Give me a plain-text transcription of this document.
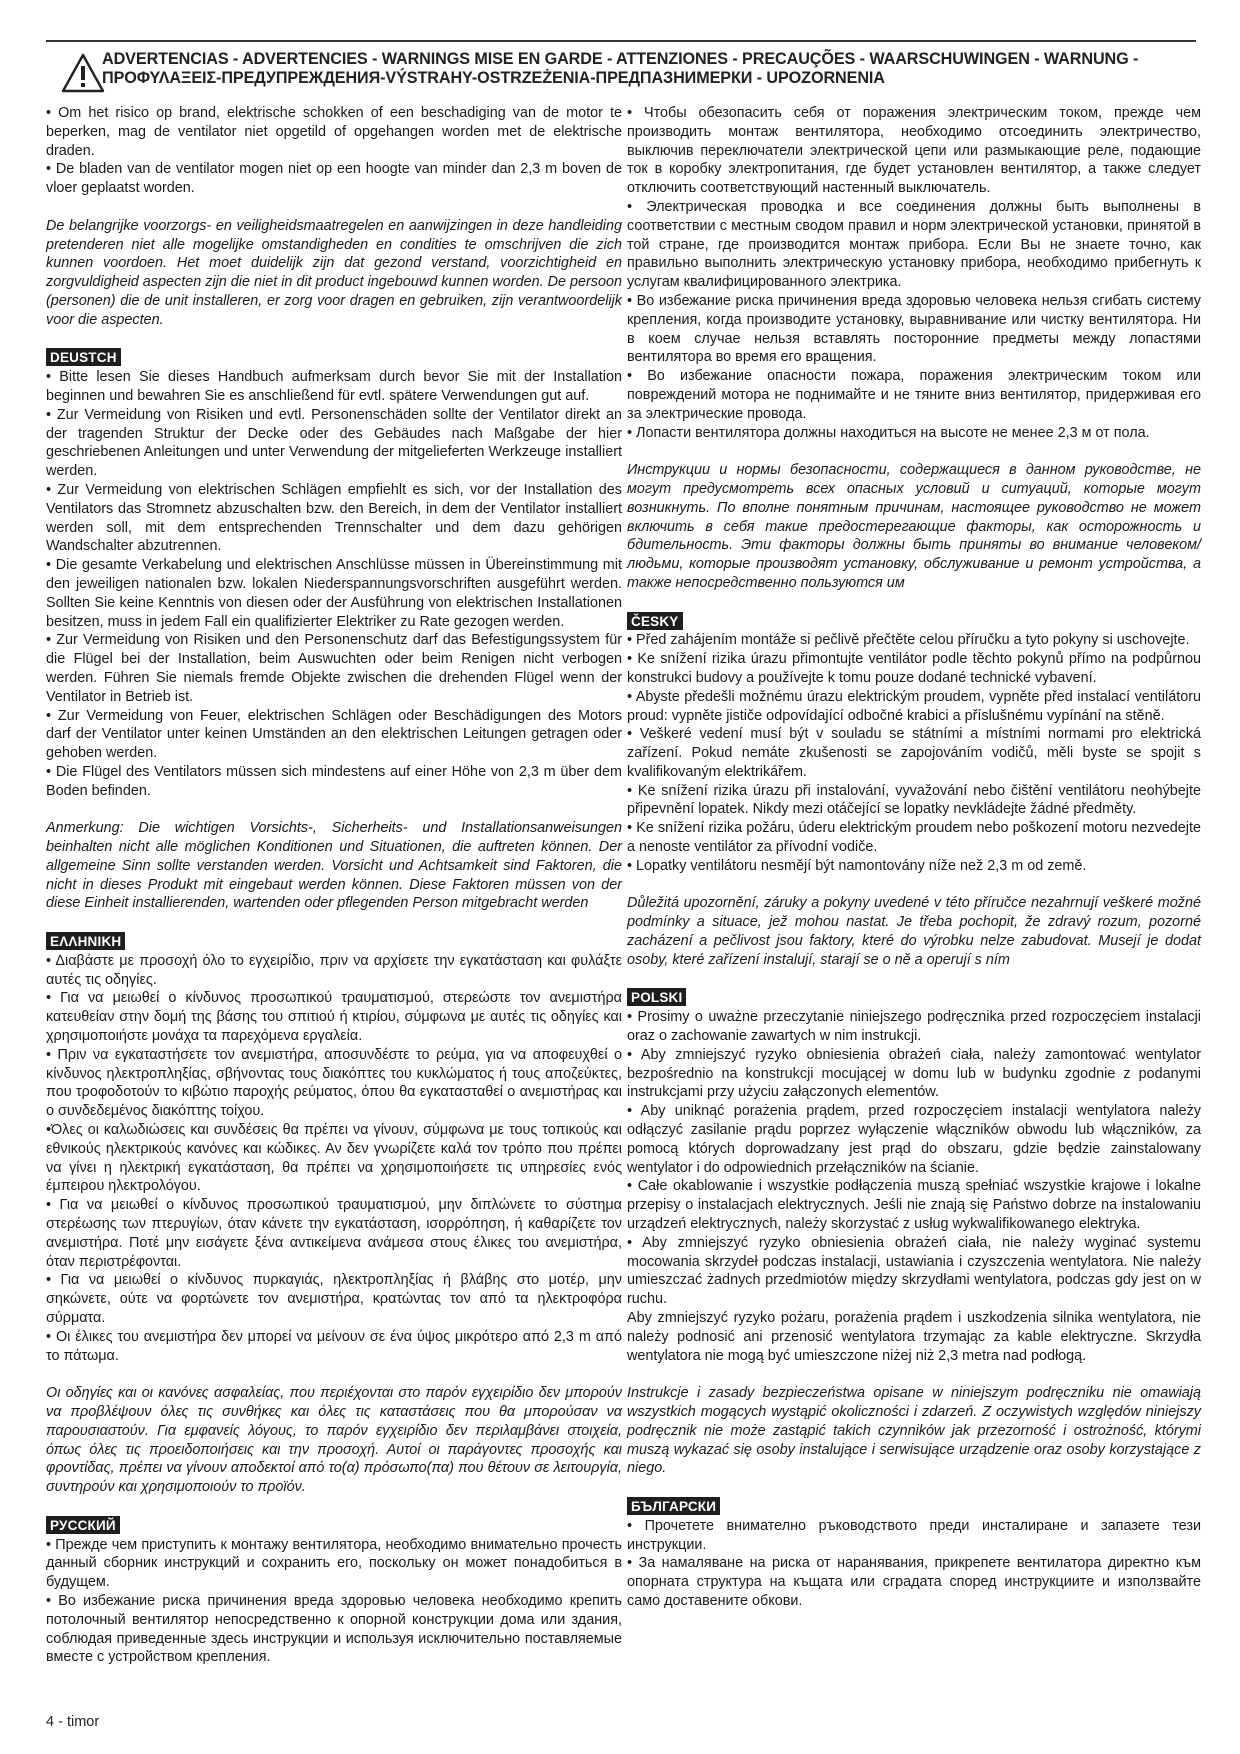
ADVERTENCIAS - ADVERTENCIES - WARNINGS MISE EN GARDE - ATTENZIONES - PRECAUÇÕES - WAARSCHUWINGEN - WARNUNG - ΠΡΟΦΥΛΑΞΕΙΣ-ПРЕДУПРЕЖДЕНИЯ-VÝSTRAHY-OSTRZEŻENIA-ПРЕДПАЗНИМЕРКИ - UPOZORNENIA

• Om het risico op brand, elektrische schokken of een beschadiging van de motor te beperken, mag de ventilator niet opgetild of opgehangen worden met de elektrische draden.

• De bladen van de ventilator mogen niet op een hoogte van minder dan 2,3 m boven de vloer geplaatst worden.

De belangrijke voorzorgs- en veiligheidsmaatregelen en aanwijzingen in deze handleiding pretenderen niet alle mogelijke omstandigheden en condities te omschrijven die zich kunnen voordoen. Het moet duidelijk zijn dat gezond verstand, voorzichtigheid en zorgvuldigheid aspecten zijn die niet in dit product ingebouwd kunnen worden. De persoon (personen) die de unit installeren, er zorg voor dragen en gebruiken, zijn verantwoordelijk voor die aspecten.

DEUSTCH

• Bitte lesen Sie dieses Handbuch aufmerksam durch bevor Sie mit der Installation beginnen und bewahren Sie es anschließend für evtl. spätere Verwendungen gut auf.

• Zur Vermeidung von Risiken und evtl. Personenschäden sollte der Ventilator direkt an der tragenden Struktur der Decke oder des Gebäudes nach Maßgabe der hier geschriebenen Anleitungen und unter Verwendung der mitgelieferten Werkzeuge installiert werden.

• Zur Vermeidung von elektrischen Schlägen empfiehlt es sich, vor der Installation des Ventilators das Stromnetz abzuschalten bzw. den Bereich, in dem der Ventilator installiert werden soll, mit dem entsprechenden Trennschalter und dem dazu gehörigen Wandschalter abzutrennen.

• Die gesamte Verkabelung und elektrischen Anschlüsse müssen in Übereinstimmung mit den jeweiligen nationalen bzw. lokalen Niederspannungsvorschriften ausgeführt werden. Sollten Sie keine Kenntnis von diesen oder der Ausführung von elektrischen Installationen besitzen, muss in jedem Fall ein qualifizierter Elektriker zu Rate gezogen werden.

• Zur Vermeidung von Risiken und den Personenschutz darf das Befestigungssystem für die Flügel bei der Installation, beim Auswuchten oder beim Renigen nicht verbogen werden. Führen Sie niemals fremde Objekte zwischen die drehenden Flügel wenn der Ventilator in Betrieb ist.

• Zur Vermeidung von Feuer, elektrischen Schlägen oder Beschädigungen des Motors darf der Ventilator unter keinen Umständen an den elektrischen Leitungen getragen oder gehoben werden.

• Die Flügel des Ventilators müssen sich mindestens auf einer Höhe von 2,3 m über dem Boden befinden.

Anmerkung: Die wichtigen Vorsichts-, Sicherheits- und Installationsanweisungen beinhalten nicht alle möglichen Konditionen und Situationen, die auftreten können. Der allgemeine Sinn sollte verstanden werden. Vorsicht und Achtsamkeit sind Faktoren, die nicht in dieses Produkt mit eingebaut werden können. Diese Faktoren müssen von der diese Einheit installierenden, wartenden oder pflegenden Person mitgebracht werden

ΕΛΛΗΝΙΚΗ

• Διαβάστε με προσοχή όλο το εγχειρίδιο, πριν να αρχίσετε την εγκατάσταση και φυλάξτε αυτές τις οδηγίες.

• Για να μειωθεί ο κίνδυνος προσωπικού τραυματισμού, στερεώστε τον ανεμιστήρα κατευθείαν στην δομή της βάσης του σπιτιού ή κτιρίου, σύμφωνα με αυτές τις οδηγίες και χρησιμοποιήστε μονάχα τα παρεχόμενα εργαλεία.

• Πριν να εγκαταστήσετε τον ανεμιστήρα, αποσυνδέστε το ρεύμα, για να αποφευχθεί ο κίνδυνος ηλεκτροπληξίας, σβήνοντας τους διακόπτες του κυκλώματος ή τους αποζεύκτες, που τροφοδοτούν το κιβώτιο παροχής ρεύματος, όπου θα εγκατασταθεί ο ανεμιστήρας και ο συνδεδεμένος διακόπτης τοίχου.

•Όλες οι καλωδιώσεις και συνδέσεις θα πρέπει να γίνουν, σύμφωνα με τους τοπικούς και εθνικούς ηλεκτρικούς κανόνες και κώδικες. Αν δεν γνωρίζετε καλά τον τρόπο που πρέπει να γίνει η ηλεκτρική εγκατάσταση, θα πρέπει να χρησιμοποιήσετε τις υπηρεσίες ενός έμπειρου ηλεκτρολόγου.

• Για να μειωθεί ο κίνδυνος προσωπικού τραυματισμού, μην διπλώνετε το σύστημα στερέωσης των πτερυγίων, όταν κάνετε την εγκατάσταση, ισορρόπηση, ή καθαρίζετε τον ανεμιστήρα. Ποτέ μην εισάγετε ξένα αντικείμενα ανάμεσα στους έλικες του ανεμιστήρα, όταν περιστρέφονται.

• Για να μειωθεί ο κίνδυνος πυρκαγιάς, ηλεκτροπληξίας ή βλάβης στο μοτέρ, μην σηκώνετε, ούτε να φορτώνετε τον ανεμιστήρα, κρατώντας τον από τα ηλεκτροφόρα σύρματα.

• Οι έλικες του ανεμιστήρα δεν μπορεί να μείνουν σε ένα ύψος μικρότερο από 2,3 m από το πάτωμα.

Οι οδηγίες και οι κανόνες ασφαλείας, που περιέχονται στο παρόν εγχειρίδιο δεν μπορούν να προβλέψουν όλες τις συνθήκες και όλες τις καταστάσεις που θα μπορούσαν να παρουσιαστούν. Για εμφανείς λόγους, το παρόν εγχειρίδιο δεν περιλαμβάνει στοιχεία, όπως όλες τις προειδοποιήσεις και την προσοχή. Αυτοί οι παράγοντες προσοχής και φροντίδας, πρέπει να γίνουν αποδεκτοί από το(α) πρόσωπο(πα) που θέτουν σε λειτουργία, συντηρούν και χρησιμοποιούν το προϊόν.

РУССКИЙ

• Прежде чем приступить к монтажу вентилятора, необходимо внимательно прочесть данный сборник инструкций и сохранить его, поскольку он может понадобиться в будущем.

• Во избежание риска причинения вреда здоровью человека необходимо крепить потолочный вентилятор непосредственно к опорной конструкции дома или здания, соблюдая приведенные здесь инструкции и используя исключительно поставляемые вместе с устройством крепления.

• Чтобы обезопасить себя от поражения электрическим током, прежде чем производить монтаж вентилятора, необходимо отсоединить электричество, выключив переключатели электрической цепи или размыкающие реле, подающие ток в коробку электропитания, где будет установлен вентилятор, а также следует отключить соответствующий настенный выключатель.

• Электрическая проводка и все соединения должны быть выполнены в соответствии с местным сводом правил и норм электрической установки, принятой в той стране, где производится монтаж прибора. Если Вы не знаете точно, как правильно выполнить электрическую установку прибора, необходимо прибегнуть к услугам квалифицированного электрика.

• Во избежание риска причинения вреда здоровью человека нельзя сгибать систему крепления, когда производите установку, выравнивание или чистку вентилятора. Ни в коем случае нельзя вставлять посторонние предметы между лопастями вентилятора во время его вращения.

• Во избежание опасности пожара, поражения электрическим током или повреждений мотора не поднимайте и не тяните вниз вентилятор, придерживая его за электрические провода.

• Лопасти вентилятора должны находиться на высоте не менее 2,3 м от пола.

Инструкции и нормы безопасности, содержащиеся в данном руководстве, не могут предусмотреть всех опасных условий и ситуаций, которые могут возникнуть. По вполне понятным причинам, настоящее руководство не может включить в себя такие предостерегающие факторы, как осторожность и бдительность. Эти факторы должны быть приняты во внимание человеком/ людьми, которые производят установку, обслуживание и ремонт устройства, а также непосредственно пользуются им

ČESKY

• Před zahájením montáže si pečlivě přečtěte celou příručku a tyto pokyny si uschovejte.

• Ke snížení rizika úrazu přimontujte ventilátor podle těchto pokynů přímo na podpůrnou konstrukci budovy a používejte k tomu pouze dodané technické vybavení.

• Abyste předešli možnému úrazu elektrickým proudem, vypněte před instalací ventilátoru proud: vypněte jističe odpovídající odbočné krabici a příslušnému vypínání na stěně.

• Veškeré vedení musí být v souladu se státními a místními normami pro elektrická zařízení. Pokud nemáte zkušenosti se zapojováním vodičů, měli byste se spojit s kvalifikovaným elektrikářem.

• Ke snížení rizika úrazu při instalování, vyvažování nebo čištění ventilátoru neohýbejte připevnění lopatek. Nikdy mezi otáčející se lopatky nevkládejte žádné předměty.

• Ke snížení rizika požáru, úderu elektrickým proudem nebo poškození motoru nezvedejte a nenoste ventilátor za přívodní vodiče.

• Lopatky ventilátoru nesmějí být namontovány níže než 2,3 m od země.

Důležitá upozornění, záruky a pokyny uvedené v této příručce nezahrnují veškeré možné podmínky a situace, jež mohou nastat. Je třeba pochopit, že zdravý rozum, pozorné zacházení a pečlivost jsou faktory, které do výrobku nelze zabudovat. Musejí je dodat osoby, které zařízení instalují, starají se o ně a operují s ním

POLSKI

• Prosimy o uważne przeczytanie niniejszego podręcznika przed rozpoczęciem instalacji oraz o zachowanie zawartych w nim instrukcji.

• Aby zmniejszyć ryzyko obniesienia obrażeń ciała, należy zamontować wentylator bezpośrednio na konstrukcji mocującej w domu lub w budynku zgodnie z podanymi instrukcjami przy użyciu załączonych elementów.

• Aby uniknąć porażenia prądem, przed rozpoczęciem instalacji wentylatora należy odłączyć zasilanie prądu poprzez wyłączenie włączników obwodu lub włączników, za pomocą których doprowadzany jest prąd do obszaru, gdzie będzie zainstalowany wentylator i do odpowiednich przełączników na ścianie.

• Całe okablowanie i wszystkie podłączenia muszą spełniać wszystkie krajowe i lokalne przepisy o instalacjach elektrycznych. Jeśli nie znają się Państwo dobrze na instalowaniu urządzeń elektrycznych, należy skorzystać z usług wykwalifikowanego elektryka.

• Aby zmniejszyć ryzyko obniesienia obrażeń ciała, nie należy wyginać systemu mocowania skrzydeł podczas instalacji, ustawiania i czyszczenia wentylatora. Nie należy umieszczać żadnych przedmiotów między skrzydłami wentylatora, podczas gdy jest on w ruchu.

Aby zmniejszyć ryzyko pożaru, porażenia prądem i uszkodzenia silnika wentylatora, nie należy podnosić ani przenosić wentylatora trzymając za kable elektryczne. Skrzydła wentylatora nie mogą być umieszczone niżej niż 2,3 metra nad podłogą.

Instrukcje i zasady bezpieczeństwa opisane w niniejszym podręczniku nie omawiają wszystkich mogących wystąpić okoliczności i zdarzeń. Z oczywistych względów niniejszy podręcznik nie może zastąpić takich czynników jak przezorność i ostrożność, którymi muszą wykazać się osoby instalujące i serwisujące urządzenie oraz osoby korzystające z niego.

БЪЛГАРСКИ

• Прочетете внимателно ръководството преди инсталиране и запазете тези инструкции.

• За намаляване на риска от наранявания, прикрепете вентилатора директно към опорната структура на къщата или сградата според инструкциите и използвайте само доставените обкови.

4 - timor
